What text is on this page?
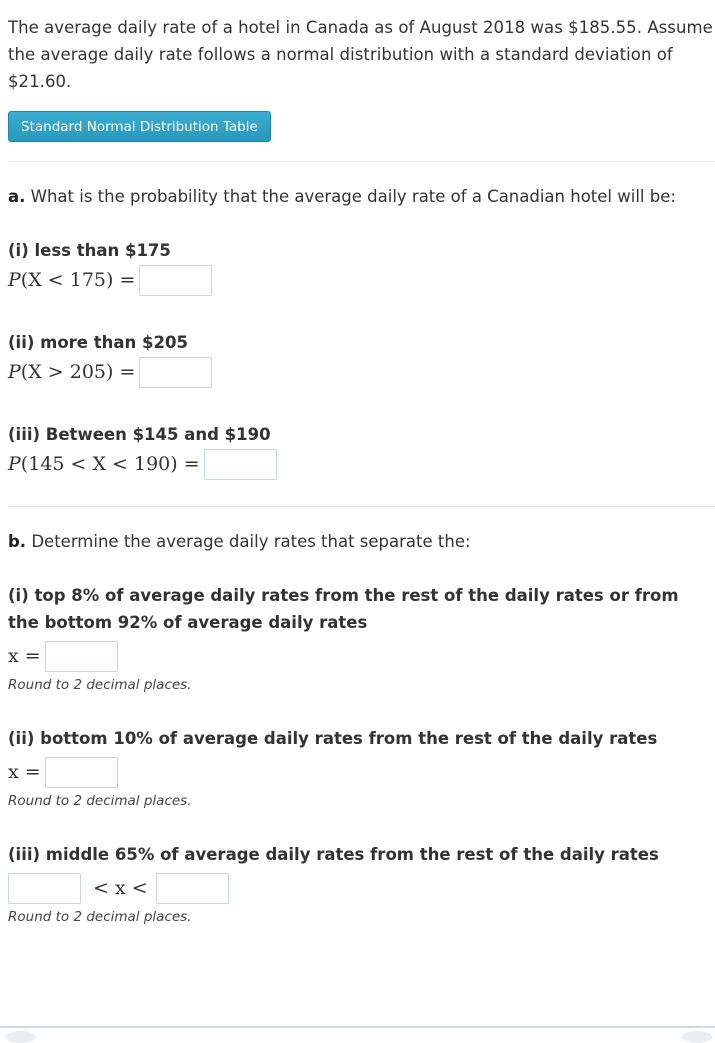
The average daily rate of a hotel in Canada as of August 2018 was $185.55. Assume the average daily rate follows a normal distribution with a standard deviation of $21.60.
Standard Normal Distribution Table
a. What is the probability that the average daily rate of a Canadian hotel will be:
(i) less than $175
P(X < 175) =
(ii) more than $205
P(X > 205) =
(iii) Between $145 and $190
P(145 < X < 190) =
b. Determine the average daily rates that separate the:
(i) top 8% of average daily rates from the rest of the daily rates or from the bottom 92% of average daily rates
x =
Round to 2 decimal places.
(ii) bottom 10% of average daily rates from the rest of the daily rates
x =
Round to 2 decimal places.
(iii) middle 65% of average daily rates from the rest of the daily rates
< x <
Round to 2 decimal places.
